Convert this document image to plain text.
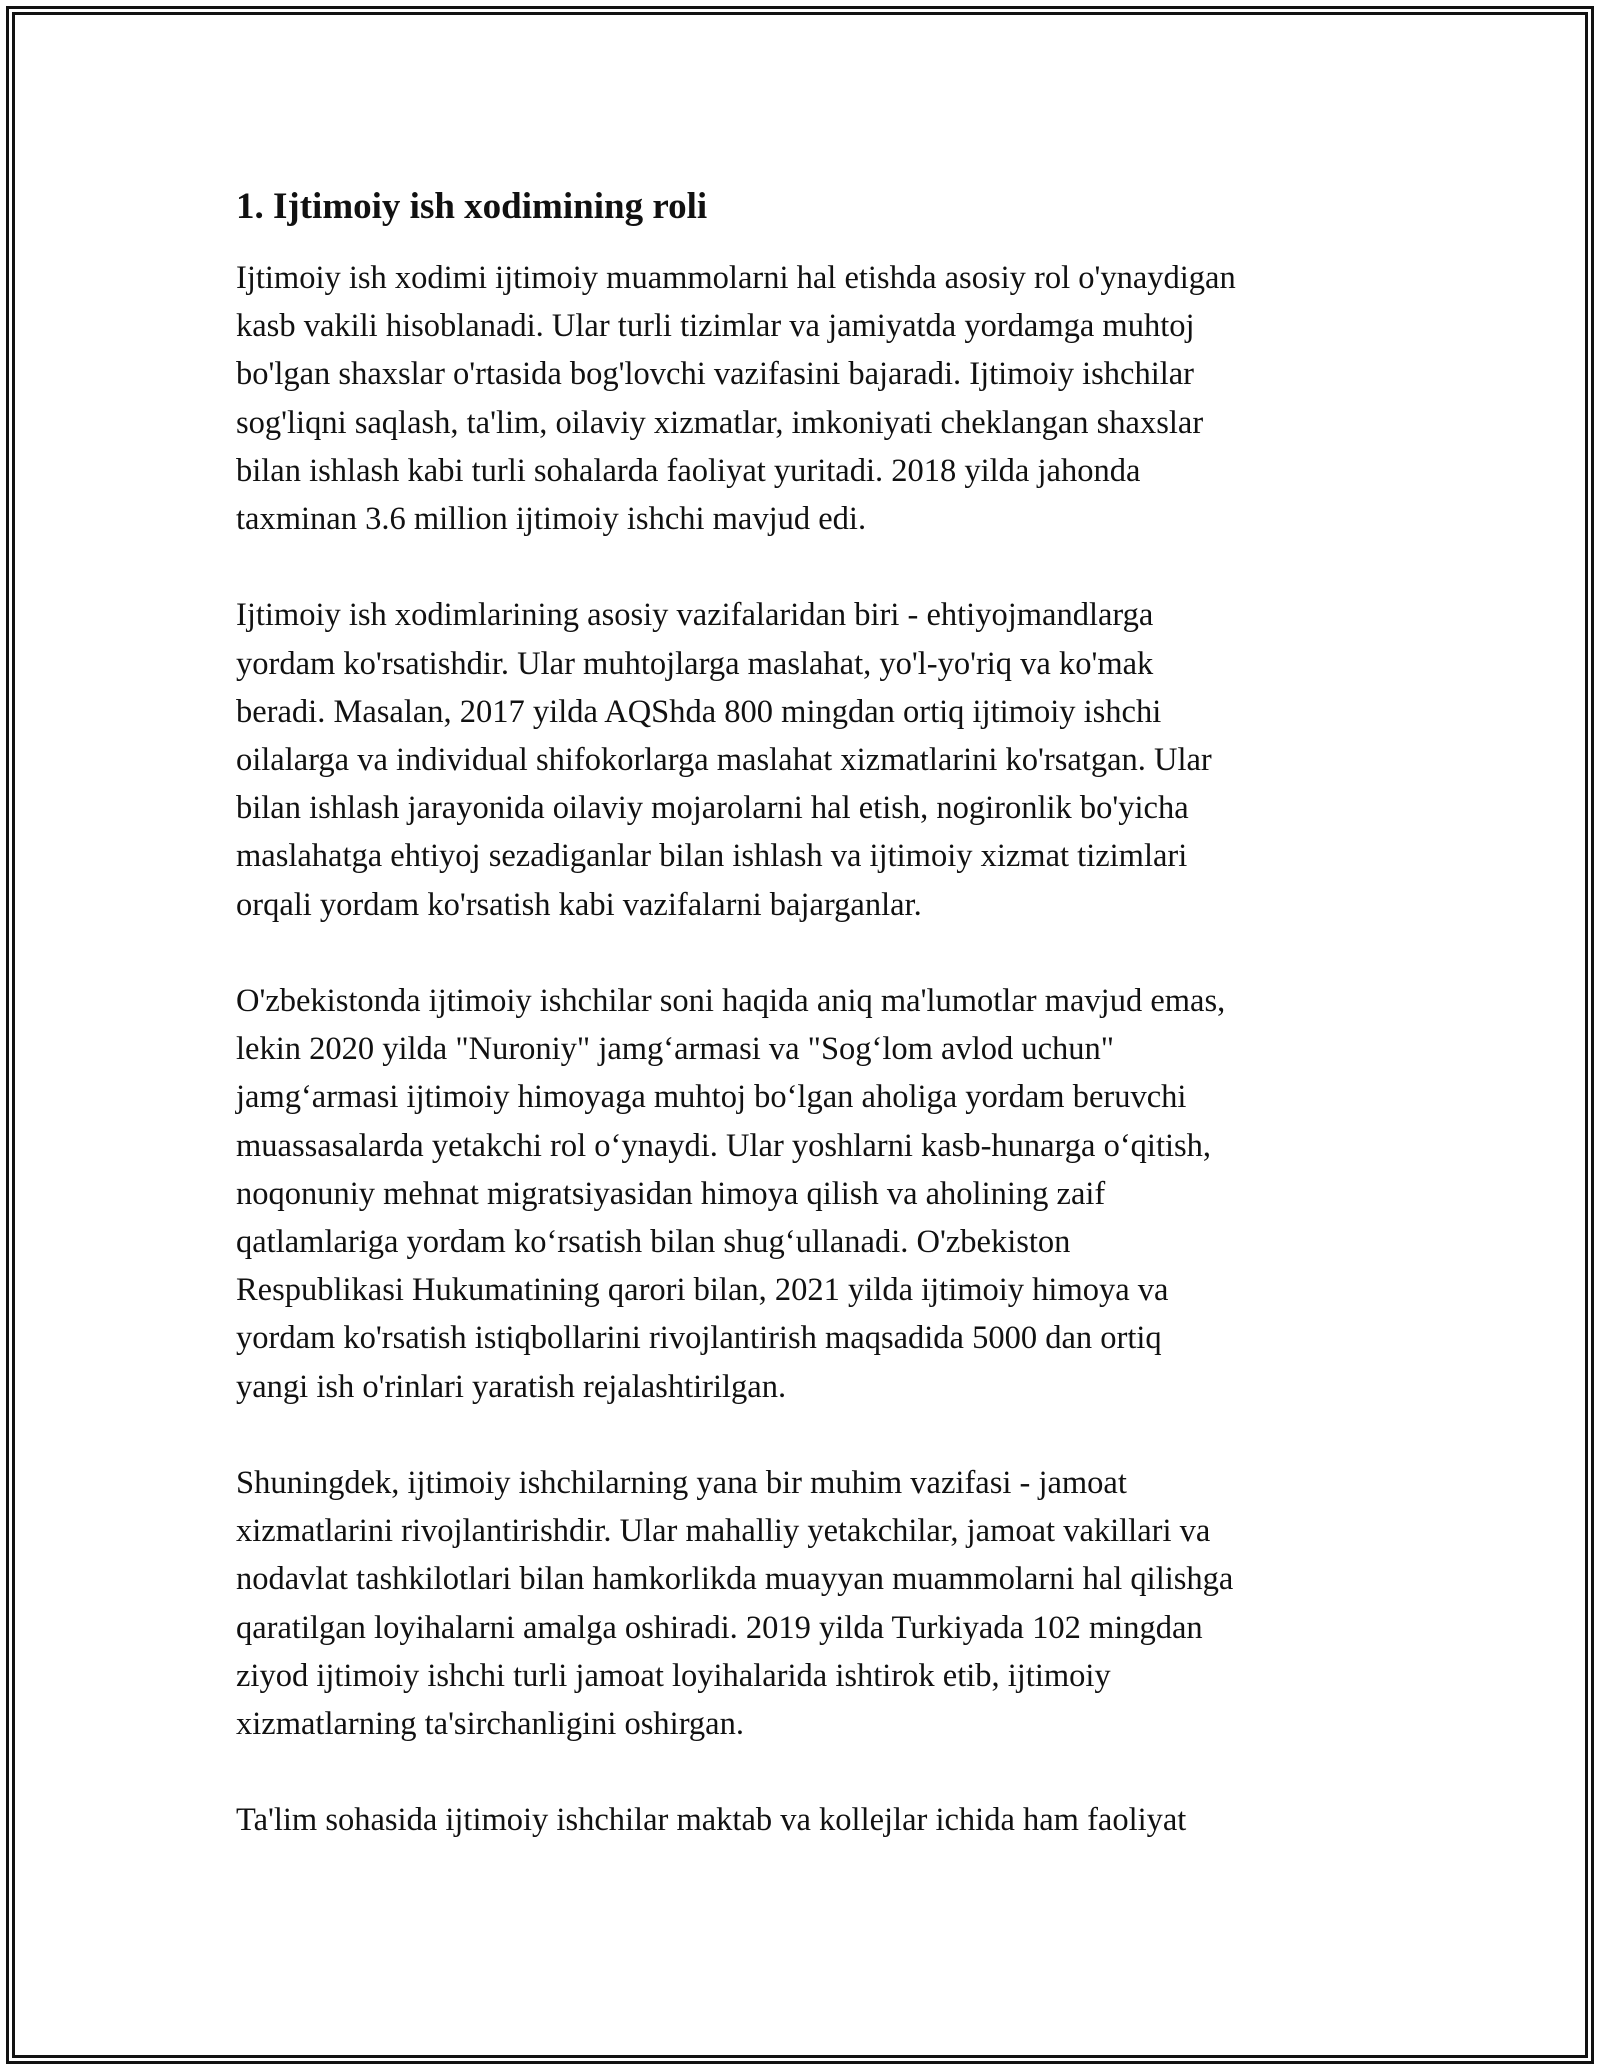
1. Ijtimoiy ish xodimining roli

Ijtimoiy ish xodimi ijtimoiy muammolarni hal etishda asosiy rol o'ynaydigan
kasb vakili hisoblanadi. Ular turli tizimlar va jamiyatda yordamga muhtoj
bo'lgan shaxslar o'rtasida bog'lovchi vazifasini bajaradi. Ijtimoiy ishchilar
sog'liqni saqlash, ta'lim, oilaviy xizmatlar, imkoniyati cheklangan shaxslar
bilan ishlash kabi turli sohalarda faoliyat yuritadi. 2018 yilda jahonda
taxminan 3.6 million ijtimoiy ishchi mavjud edi.

Ijtimoiy ish xodimlarining asosiy vazifalaridan biri - ehtiyojmandlarga
yordam ko'rsatishdir. Ular muhtojlarga maslahat, yo'l-yo'riq va ko'mak
beradi. Masalan, 2017 yilda AQShda 800 mingdan ortiq ijtimoiy ishchi
oilalarga va individual shifokorlarga maslahat xizmatlarini ko'rsatgan. Ular
bilan ishlash jarayonida oilaviy mojarolarni hal etish, nogironlik bo'yicha
maslahatga ehtiyoj sezadiganlar bilan ishlash va ijtimoiy xizmat tizimlari
orqali yordam ko'rsatish kabi vazifalarni bajarganlar.

O'zbekistonda ijtimoiy ishchilar soni haqida aniq ma'lumotlar mavjud emas,
lekin 2020 yilda "Nuroniy" jamgʻarmasi va "Sogʻlom avlod uchun"
jamgʻarmasi ijtimoiy himoyaga muhtoj boʻlgan aholiga yordam beruvchi
muassasalarda yetakchi rol oʻynaydi. Ular yoshlarni kasb-hunarga oʻqitish,
noqonuniy mehnat migratsiyasidan himoya qilish va aholining zaif
qatlamlariga yordam koʻrsatish bilan shugʻullanadi. O'zbekiston
Respublikasi Hukumatining qarori bilan, 2021 yilda ijtimoiy himoya va
yordam ko'rsatish istiqbollarini rivojlantirish maqsadida 5000 dan ortiq
yangi ish o'rinlari yaratish rejalashtirilgan.

Shuningdek, ijtimoiy ishchilarning yana bir muhim vazifasi - jamoat
xizmatlarini rivojlantirishdir. Ular mahalliy yetakchilar, jamoat vakillari va
nodavlat tashkilotlari bilan hamkorlikda muayyan muammolarni hal qilishga
qaratilgan loyihalarni amalga oshiradi. 2019 yilda Turkiyada 102 mingdan
ziyod ijtimoiy ishchi turli jamoat loyihalarida ishtirok etib, ijtimoiy
xizmatlarning ta'sirchanligini oshirgan.

Ta'lim sohasida ijtimoiy ishchilar maktab va kollejlar ichida ham faoliyat
